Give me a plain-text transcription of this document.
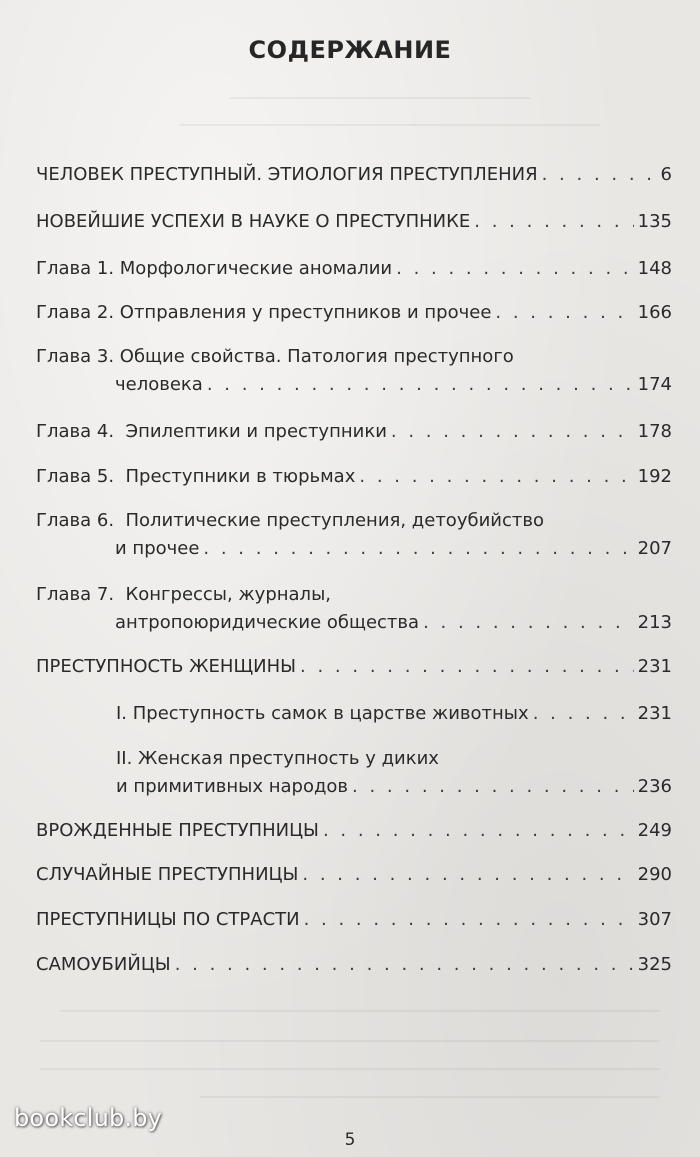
СОДЕРЖАНИЕ
ЧЕЛОВЕК ПРЕСТУПНЫЙ. ЭТИОЛОГИЯ ПРЕСТУПЛЕНИЯ . . .	6
НОВЕЙШИЕ УСПЕХИ В НАУКЕ О ПРЕСТУПНИКЕ . . .	135
Глава 1. Морфологические аномалии . . .	148
Глава 2. Отправления у преступников и прочее . . .	166
Глава 3. Общие свойства. Патология преступного
человека . . .	174
Глава 4. Эпилептики и преступники . . .	178
Глава 5. Преступники в тюрьмах . . .	192
Глава 6. Политические преступления, детоубийство
и прочее . . .	207
Глава 7. Конгрессы, журналы,
антропоюридические общества . . .	213
ПРЕСТУПНОСТЬ ЖЕНЩИНЫ . . .	231
I. Преступность самок в царстве животных . . .	231
II. Женская преступность у диких
и примитивных народов . . .	236
ВРОЖДЕННЫЕ ПРЕСТУПНИЦЫ . . .	249
СЛУЧАЙНЫЕ ПРЕСТУПНИЦЫ . . .	290
ПРЕСТУПНИЦЫ ПО СТРАСТИ . . .	307
САМОУБИЙЦЫ . . .	325
bookclub.by
5
